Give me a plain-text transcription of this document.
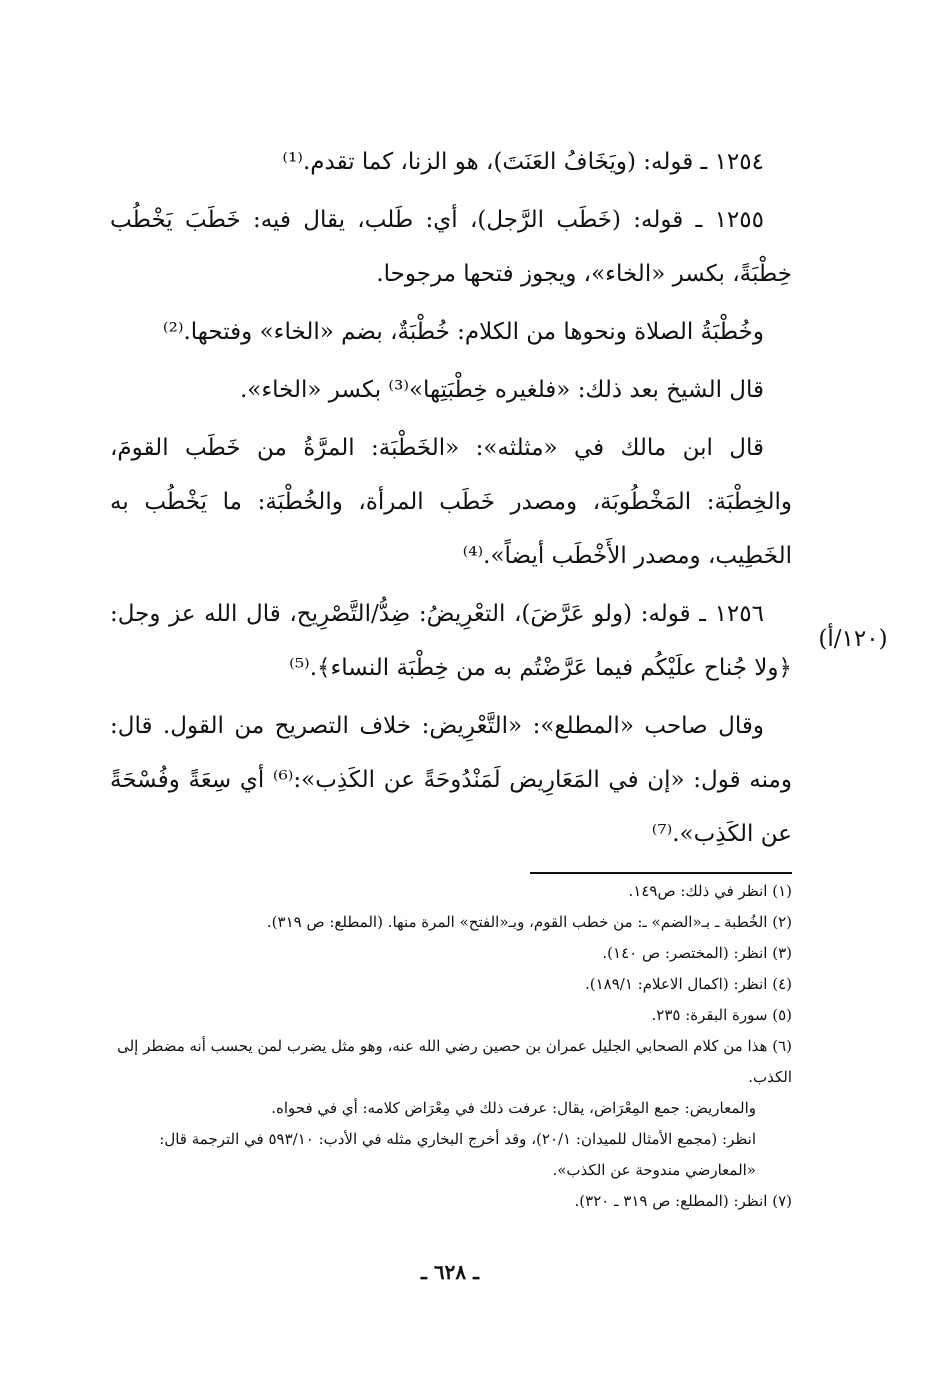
(١٢٠/أ)

١٢٥٤ ـ قوله: (ويَخَافُ العَنَتَ)، هو الزنا، كما تقدم.⁽¹⁾

١٢٥٥ ـ قوله: (خَطَب الرَّجل)، أي: طَلب، يقال فيه: خَطَبَ يَخْطُب خِطْبَةً، بكسر «الخاء»، ويجوز فتحها مرجوحا.

وخُطْبَةُ الصلاة ونحوها من الكلام: خُطْبَةٌ، بضم «الخاء» وفتحها.⁽²⁾

قال الشيخ بعد ذلك: «فلغيره خِطْبَتِها»⁽³⁾ بكسر «الخاء».

قال ابن مالك في «مثلثه»: «الخَطْبَة: المرَّةُ من خَطَب القومَ، والخِطْبَة: المَخْطُوبَة، ومصدر خَطَب المرأة، والخُطْبَة: ما يَخْطُب به الخَطِيب، ومصدر الأَخْطَب أيضاً».⁽⁴⁾

١٢٥٦ ـ قوله: (ولو عَرَّضَ)، التعْرِيضُ: ضِدُّ/التَّصْرِيح، قال الله عز وجل: ﴿ولا جُناح علَيْكُم فيما عَرَّضْتُم به من خِطْبَة النساء﴾.⁽⁵⁾

وقال صاحب «المطلع»: «التَّعْرِيض: خلاف التصريح من القول. قال: ومنه قول: «إن في المَعَارِيض لَمَنْدُوحَةً عن الكَذِب»:⁽⁶⁾ أي سِعَةً وفُسْحَةً عن الكَذِب».⁽⁷⁾

(١) انظر في ذلك: ص١٤٩.

(٢) الخُطبة ـ بـ«الضم» ـ: من خطب القوم، وبـ«الفتح» المرة منها. (المطلع: ص ٣١٩).

(٣) انظر: (المختصر: ص ١٤٠).

(٤) انظر: (اكمال الاعلام: ١٨٩/١).

(٥) سورة البقرة: ٢٣٥.

(٦) هذا من كلام الصحابي الجليل عمران بن حصين رضي الله عنه، وهو مثل يضرب لمن يحسب أنه مضطر إلى الكذب.

والمعاريض: جمع المِعْرَاض، يقال: عرفت ذلك في مِعْرَاض كلامه: أي في فحواه.

انظر: (مجمع الأمثال للميدان: ٢٠/١)، وقد أخرج البخاري مثله في الأدب: ٥٩٣/١٠ في الترجمة قال: «المعارضي مندوحة عن الكذب».

(٧) انظر: (المطلع: ص ٣١٩ ـ ٣٢٠).

ـ ٦٢٨ ـ
